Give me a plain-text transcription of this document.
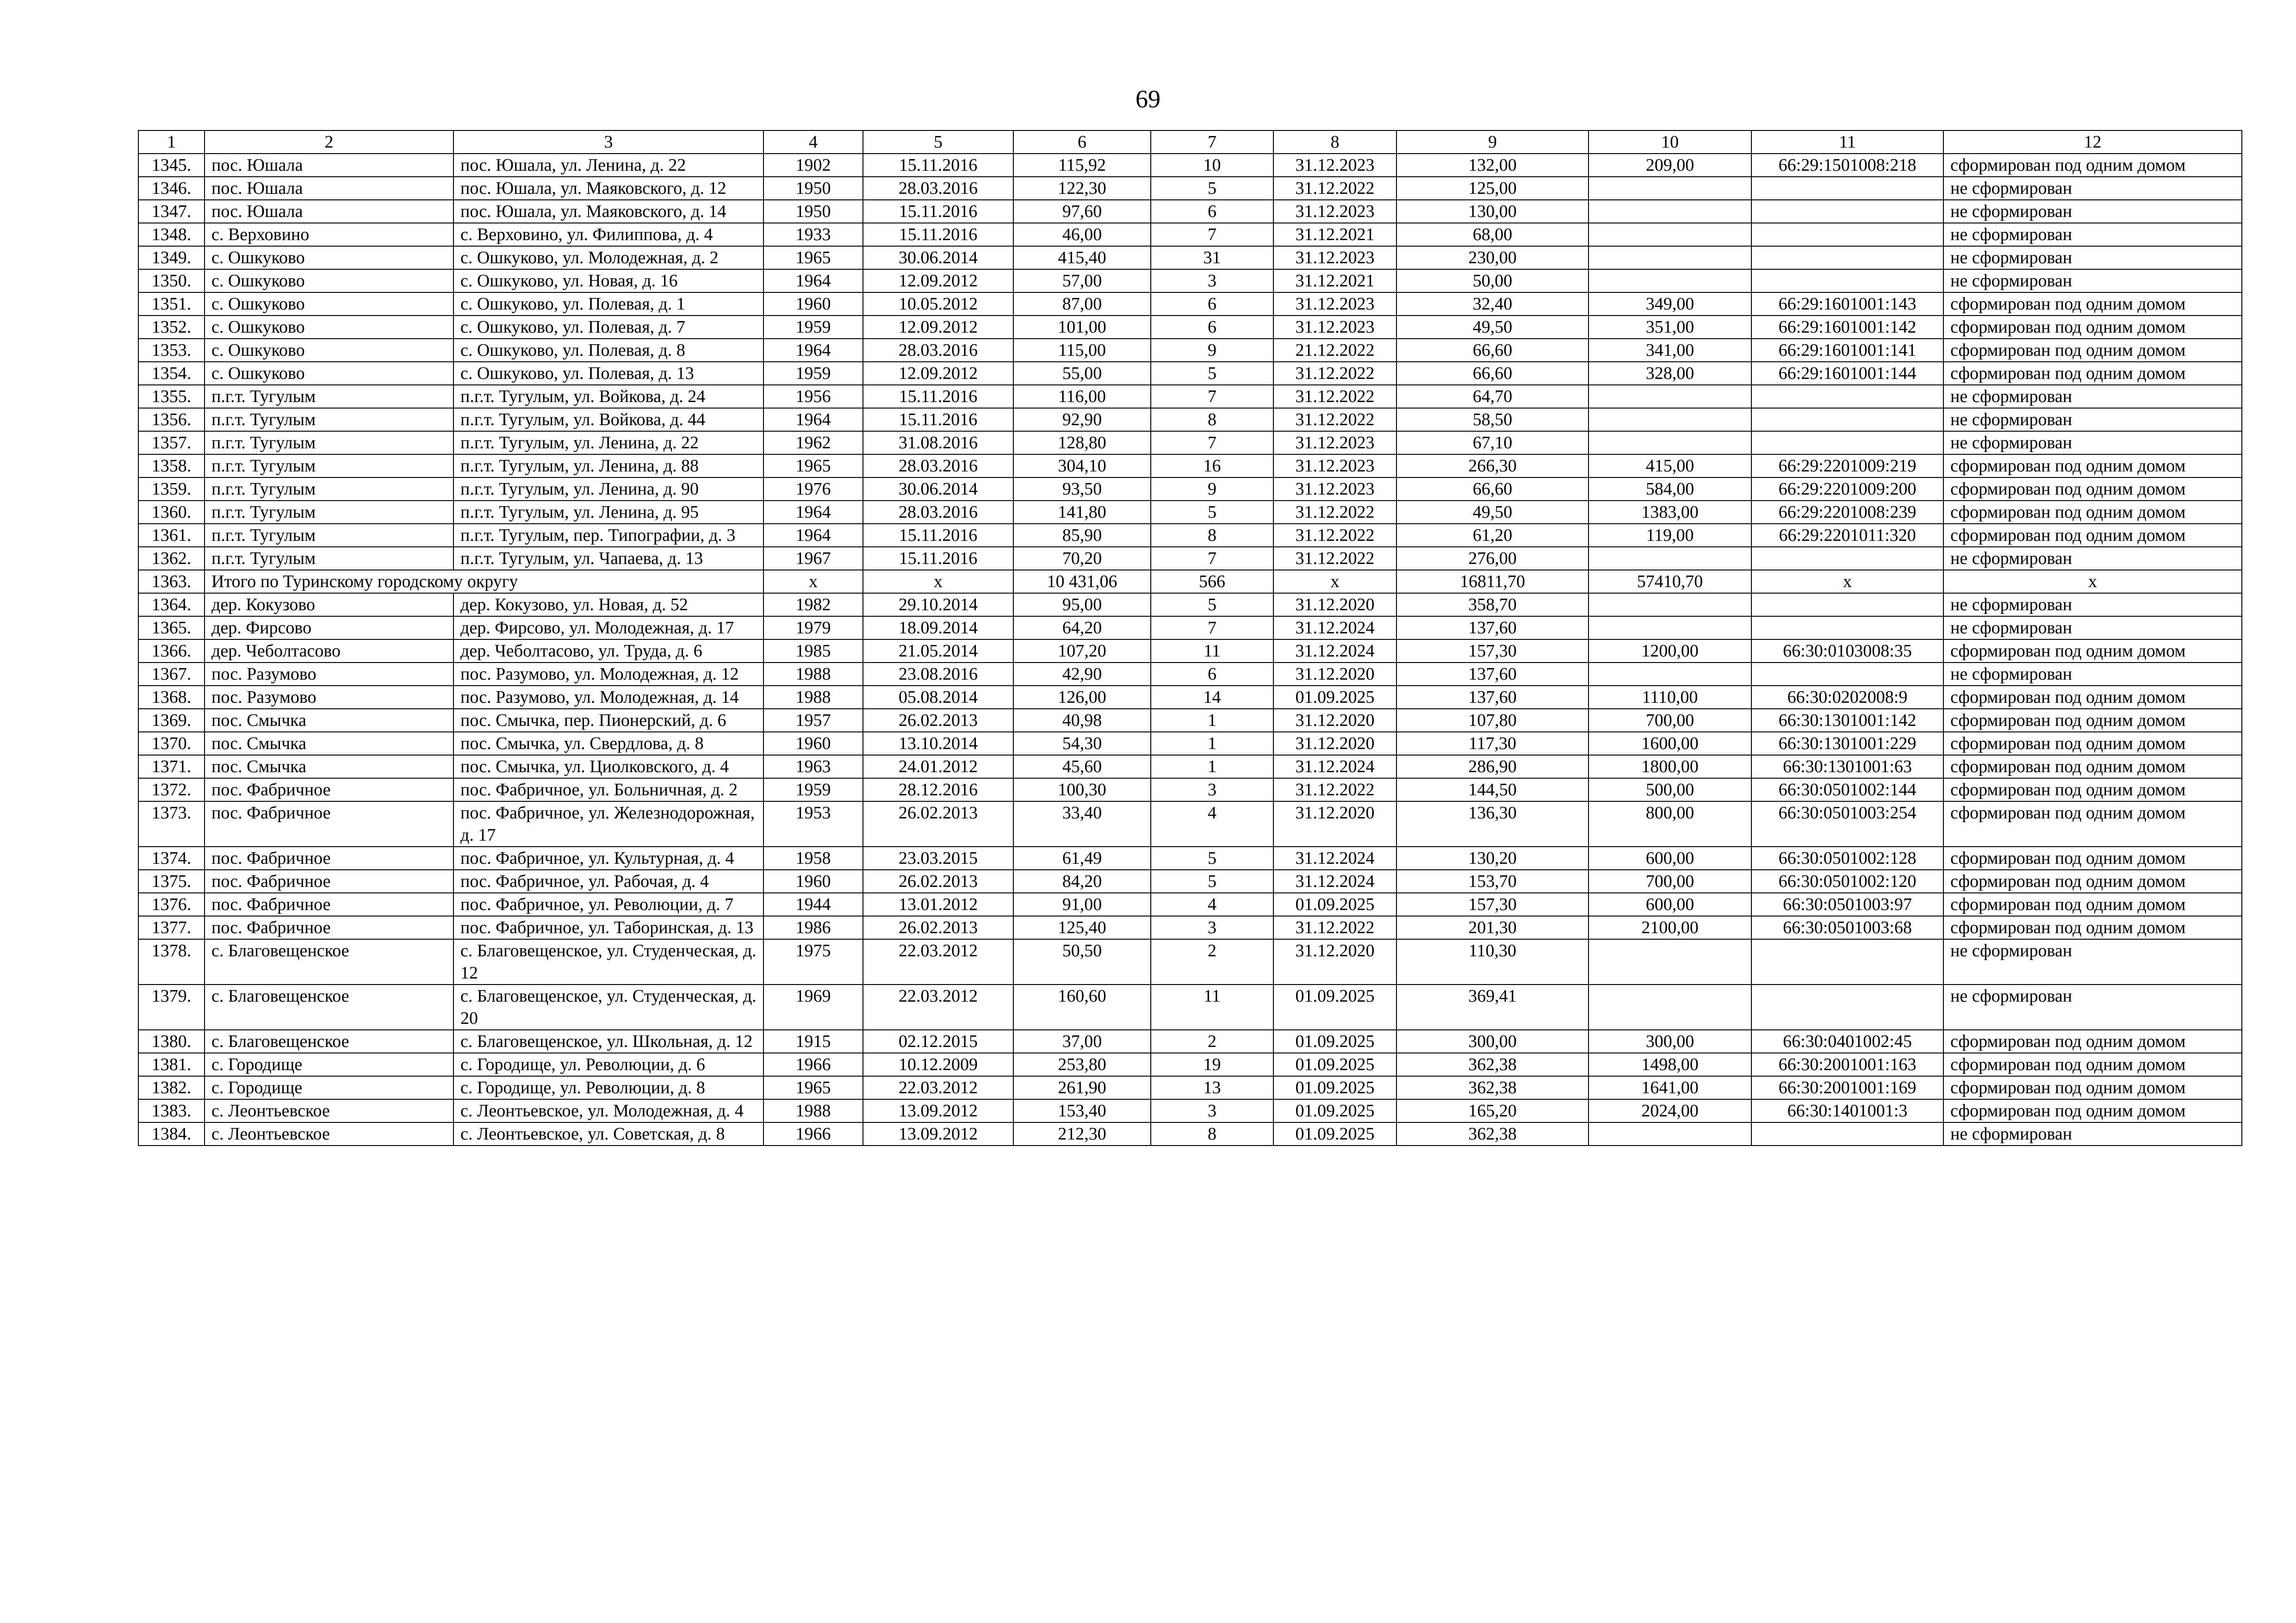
69
1	2	3	4	5	6	7	8	9	10	11	12
1345.	пос. Юшала	пос. Юшала, ул. Ленина, д. 22	1902	15.11.2016	115,92	10	31.12.2023	132,00	209,00	66:29:1501008:218	сформирован под одним домом
1346.	пос. Юшала	пос. Юшала, ул. Маяковского, д. 12	1950	28.03.2016	122,30	5	31.12.2022	125,00			не сформирован
1347.	пос. Юшала	пос. Юшала, ул. Маяковского, д. 14	1950	15.11.2016	97,60	6	31.12.2023	130,00			не сформирован
1348.	с. Верховино	с. Верховино, ул. Филиппова, д. 4	1933	15.11.2016	46,00	7	31.12.2021	68,00			не сформирован
1349.	с. Ошкуково	с. Ошкуково, ул. Молодежная, д. 2	1965	30.06.2014	415,40	31	31.12.2023	230,00			не сформирован
1350.	с. Ошкуково	с. Ошкуково, ул. Новая, д. 16	1964	12.09.2012	57,00	3	31.12.2021	50,00			не сформирован
1351.	с. Ошкуково	с. Ошкуково, ул. Полевая, д. 1	1960	10.05.2012	87,00	6	31.12.2023	32,40	349,00	66:29:1601001:143	сформирован под одним домом
1352.	с. Ошкуково	с. Ошкуково, ул. Полевая, д. 7	1959	12.09.2012	101,00	6	31.12.2023	49,50	351,00	66:29:1601001:142	сформирован под одним домом
1353.	с. Ошкуково	с. Ошкуково, ул. Полевая, д. 8	1964	28.03.2016	115,00	9	21.12.2022	66,60	341,00	66:29:1601001:141	сформирован под одним домом
1354.	с. Ошкуково	с. Ошкуково, ул. Полевая, д. 13	1959	12.09.2012	55,00	5	31.12.2022	66,60	328,00	66:29:1601001:144	сформирован под одним домом
1355.	п.г.т. Тугулым	п.г.т. Тугулым, ул. Войкова, д. 24	1956	15.11.2016	116,00	7	31.12.2022	64,70			не сформирован
1356.	п.г.т. Тугулым	п.г.т. Тугулым, ул. Войкова, д. 44	1964	15.11.2016	92,90	8	31.12.2022	58,50			не сформирован
1357.	п.г.т. Тугулым	п.г.т. Тугулым, ул. Ленина, д. 22	1962	31.08.2016	128,80	7	31.12.2023	67,10			не сформирован
1358.	п.г.т. Тугулым	п.г.т. Тугулым, ул. Ленина, д. 88	1965	28.03.2016	304,10	16	31.12.2023	266,30	415,00	66:29:2201009:219	сформирован под одним домом
1359.	п.г.т. Тугулым	п.г.т. Тугулым, ул. Ленина, д. 90	1976	30.06.2014	93,50	9	31.12.2023	66,60	584,00	66:29:2201009:200	сформирован под одним домом
1360.	п.г.т. Тугулым	п.г.т. Тугулым, ул. Ленина, д. 95	1964	28.03.2016	141,80	5	31.12.2022	49,50	1383,00	66:29:2201008:239	сформирован под одним домом
1361.	п.г.т. Тугулым	п.г.т. Тугулым, пер. Типографии, д. 3	1964	15.11.2016	85,90	8	31.12.2022	61,20	119,00	66:29:2201011:320	сформирован под одним домом
1362.	п.г.т. Тугулым	п.г.т. Тугулым, ул. Чапаева, д. 13	1967	15.11.2016	70,20	7	31.12.2022	276,00			не сформирован
1363.	Итого по Туринскому городскому округу		х	х	10 431,06	566	х	16811,70	57410,70	х	х
1364.	дер. Кокузово	дер. Кокузово, ул. Новая, д. 52	1982	29.10.2014	95,00	5	31.12.2020	358,70			не сформирован
1365.	дер. Фирсово	дер. Фирсово, ул. Молодежная, д. 17	1979	18.09.2014	64,20	7	31.12.2024	137,60			не сформирован
1366.	дер. Чеболтасово	дер. Чеболтасово, ул. Труда, д. 6	1985	21.05.2014	107,20	11	31.12.2024	157,30	1200,00	66:30:0103008:35	сформирован под одним домом
1367.	пос. Разумово	пос. Разумово, ул. Молодежная, д. 12	1988	23.08.2016	42,90	6	31.12.2020	137,60			не сформирован
1368.	пос. Разумово	пос. Разумово, ул. Молодежная, д. 14	1988	05.08.2014	126,00	14	01.09.2025	137,60	1110,00	66:30:0202008:9	сформирован под одним домом
1369.	пос. Смычка	пос. Смычка, пер. Пионерский, д. 6	1957	26.02.2013	40,98	1	31.12.2020	107,80	700,00	66:30:1301001:142	сформирован под одним домом
1370.	пос. Смычка	пос. Смычка, ул. Свердлова, д. 8	1960	13.10.2014	54,30	1	31.12.2020	117,30	1600,00	66:30:1301001:229	сформирован под одним домом
1371.	пос. Смычка	пос. Смычка, ул. Циолковского, д. 4	1963	24.01.2012	45,60	1	31.12.2024	286,90	1800,00	66:30:1301001:63	сформирован под одним домом
1372.	пос. Фабричное	пос. Фабричное, ул. Больничная, д. 2	1959	28.12.2016	100,30	3	31.12.2022	144,50	500,00	66:30:0501002:144	сформирован под одним домом
1373.	пос. Фабричное	пос. Фабричное, ул. Железнодорожная, д. 17	1953	26.02.2013	33,40	4	31.12.2020	136,30	800,00	66:30:0501003:254	сформирован под одним домом
1374.	пос. Фабричное	пос. Фабричное, ул. Культурная, д. 4	1958	23.03.2015	61,49	5	31.12.2024	130,20	600,00	66:30:0501002:128	сформирован под одним домом
1375.	пос. Фабричное	пос. Фабричное, ул. Рабочая, д. 4	1960	26.02.2013	84,20	5	31.12.2024	153,70	700,00	66:30:0501002:120	сформирован под одним домом
1376.	пос. Фабричное	пос. Фабричное, ул. Революции, д. 7	1944	13.01.2012	91,00	4	01.09.2025	157,30	600,00	66:30:0501003:97	сформирован под одним домом
1377.	пос. Фабричное	пос. Фабричное, ул. Таборинская, д. 13	1986	26.02.2013	125,40	3	31.12.2022	201,30	2100,00	66:30:0501003:68	сформирован под одним домом
1378.	с. Благовещенское	с. Благовещенское, ул. Студенческая, д. 12	1975	22.03.2012	50,50	2	31.12.2020	110,30			не сформирован
1379.	с. Благовещенское	с. Благовещенское, ул. Студенческая, д. 20	1969	22.03.2012	160,60	11	01.09.2025	369,41			не сформирован
1380.	с. Благовещенское	с. Благовещенское, ул. Школьная, д. 12	1915	02.12.2015	37,00	2	01.09.2025	300,00	300,00	66:30:0401002:45	сформирован под одним домом
1381.	с. Городище	с. Городище, ул. Революции, д. 6	1966	10.12.2009	253,80	19	01.09.2025	362,38	1498,00	66:30:2001001:163	сформирован под одним домом
1382.	с. Городище	с. Городище, ул. Революции, д. 8	1965	22.03.2012	261,90	13	01.09.2025	362,38	1641,00	66:30:2001001:169	сформирован под одним домом
1383.	с. Леонтьевское	с. Леонтьевское, ул. Молодежная, д. 4	1988	13.09.2012	153,40	3	01.09.2025	165,20	2024,00	66:30:1401001:3	сформирован под одним домом
1384.	с. Леонтьевское	с. Леонтьевское, ул. Советская, д. 8	1966	13.09.2012	212,30	8	01.09.2025	362,38			не сформирован
